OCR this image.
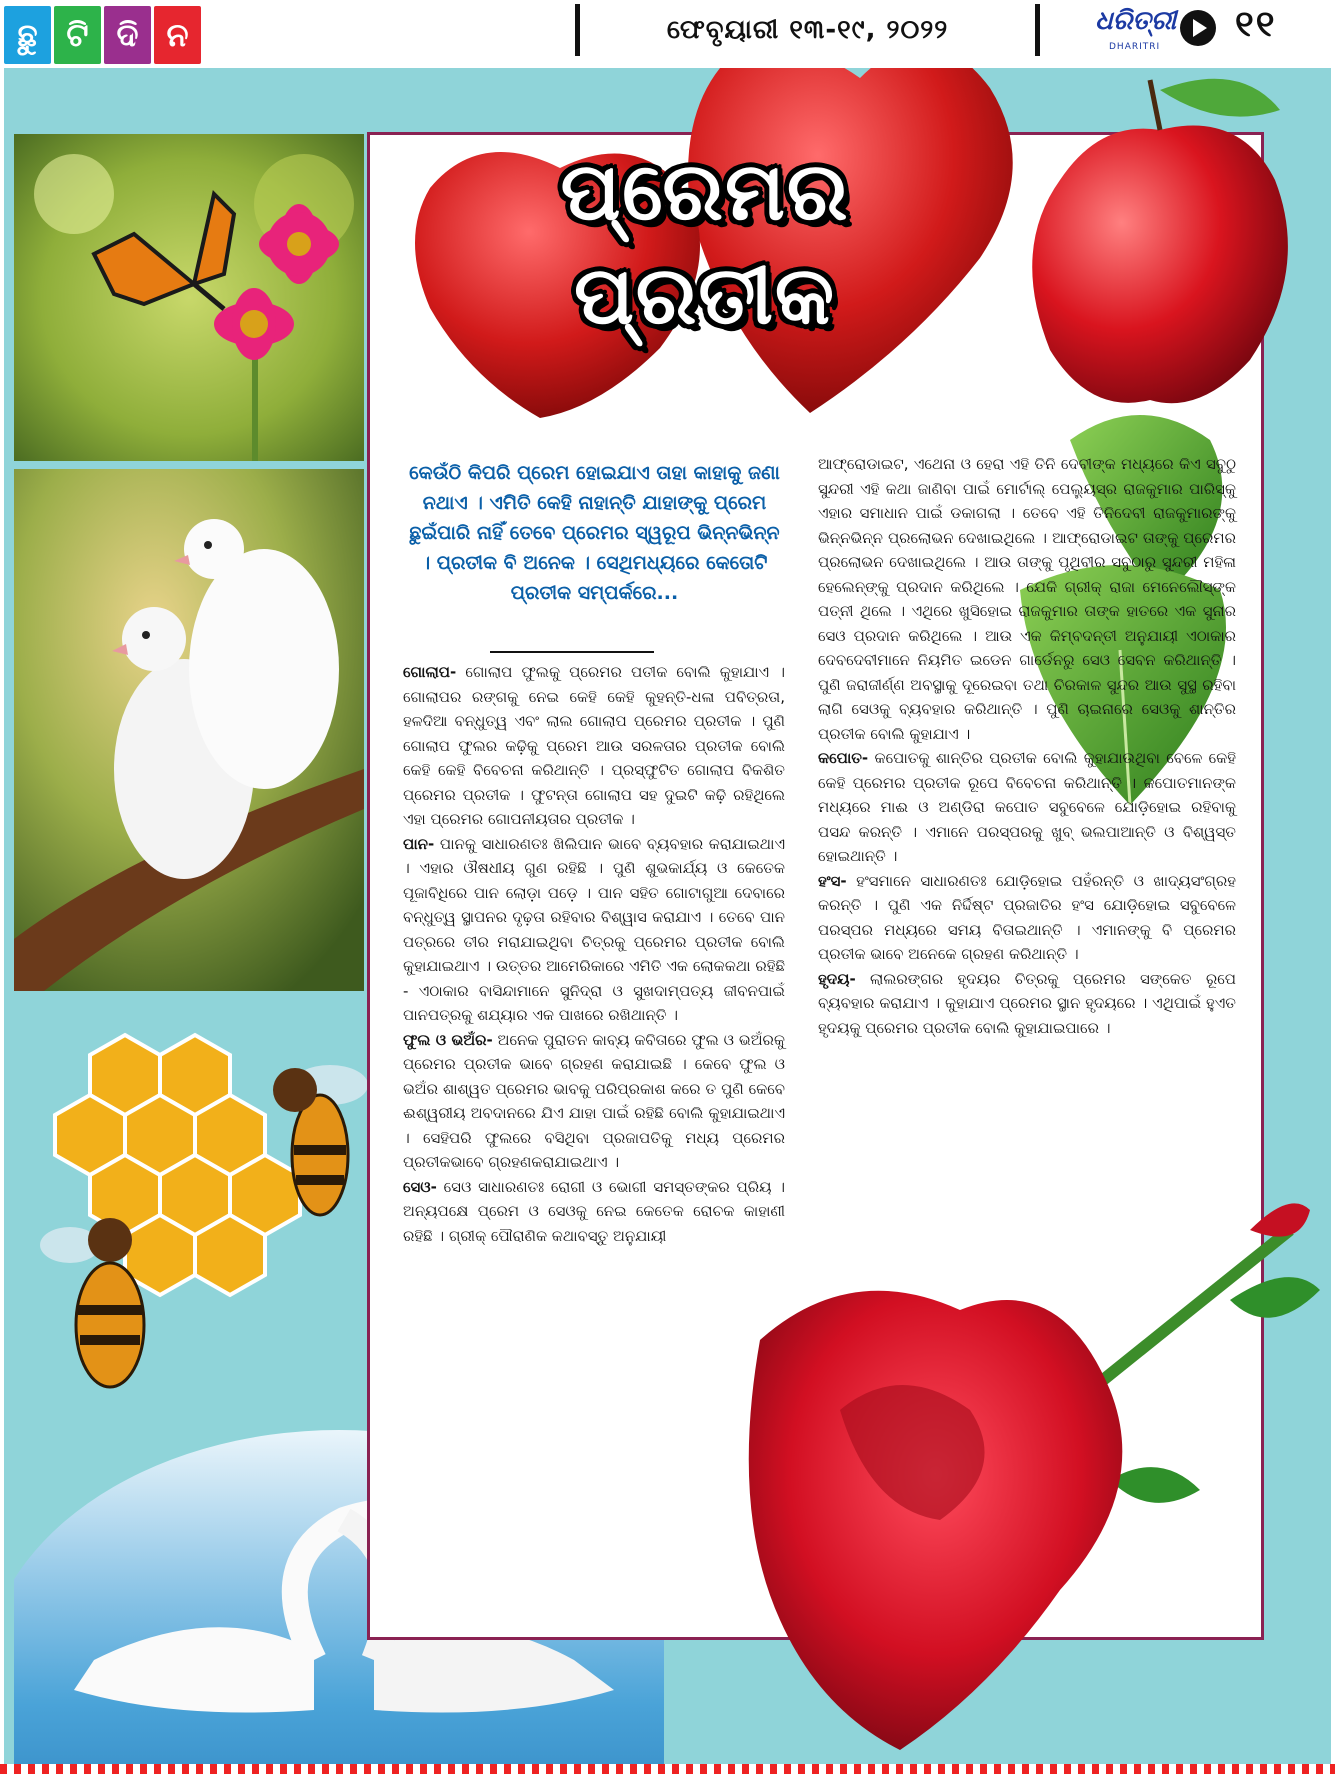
ଛୁ ଟି ଦି ନ	ଫେବୃୟାରୀ ୧୩-୧୯, ୨୦୨୨	ଧରିତ୍ରୀ
DHARITRI
୧୧
ପ୍ରେମର
ପ୍ରତୀକ
କେଉଁଠି କିପରି ପ୍ରେମ ହୋଇଯାଏ ତାହା କାହାକୁ ଜଣା ନଥାଏ । ଏମିତି କେହି ନାହାନ୍ତି ଯାହାଙ୍କୁ ପ୍ରେମ ଛୁଇଁପାରି ନାହିଁ ତେବେ ପ୍ରେମର ସ୍ୱରୂପ ଭିନ୍ନଭିନ୍ନ । ପ୍ରତୀକ ବି ଅନେକ । ସେଥିମଧ୍ୟରେ କେତୋଟି ପ୍ରତୀକ ସମ୍ପର୍କରେ...
ଗୋଲାପ- ଗୋଲାପ ଫୁଲକୁ ପ୍ରେମର ପତୀକ ବୋଲି କୁହାଯାଏ । ଗୋଲାପର ରଙ୍ଗକୁ ନେଇ କେହି କେହି କୁହନ୍ତି-ଧଳା ପବିତ୍ରତା, ହଳଦିଆ ବନ୍ଧୁତ୍ୱ ଏବଂ ଲାଲ ଗୋଲାପ ପ୍ରେମର ପ୍ରତୀକ । ପୁଣି ଗୋଲାପ ଫୁଲର କଢ଼ିକୁ ପ୍ରେମ ଆଉ ସରଳତାର ପ୍ରତୀକ ବୋଲି କେହି କେହି ବିବେଚନା କରିଥାନ୍ତି । ପ୍ରସ୍ଫୁଟିତ ଗୋଲାପ ବିକଶିତ ପ୍ରେମର ପ୍ରତୀକ । ଫୁଟନ୍ତା ଗୋଲାପ ସହ ଦୁଇଟି କଢ଼ି ରହିଥିଲେ ଏହା ପ୍ରେମର ଗୋପନୀୟତାର ପ୍ରତୀକ ।
ପାନ- ପାନକୁ ସାଧାରଣତଃ ଖିଲିପାନ ଭାବେ ବ୍ୟବହାର କରାଯାଇଥାଏ । ଏହାର ଔଷଧୀୟ ଗୁଣ ରହିଛି । ପୁଣି ଶୁଭକାର୍ଯ୍ୟ ଓ କେତେକ ପୂଜାବିଧିରେ ପାନ ଲୋଡ଼ା ପଡ଼େ । ପାନ ସହିତ ଗୋଟାଗୁଆ ଦେବାରେ ବନ୍ଧୁତ୍ୱ ସ୍ଥାପନର ଦୃଢ଼ତା ରହିବାର ବିଶ୍ୱାସ କରାଯାଏ । ତେବେ ପାନ ପତ୍ରରେ ତୀର ମରାଯାଇଥିବା ଚିତ୍ରକୁ ପ୍ରେମର ପ୍ରତୀକ ବୋଲି କୁହାଯାଇଥାଏ । ଉତ୍ତର ଆମେରିକାରେ ଏମିତି ଏକ ଲୋକକଥା ରହିଛି - ଏଠାକାର ବାସିନ୍ଦାମାନେ ସୁନିଦ୍ରା ଓ ସୁଖଦାମ୍ପତ୍ୟ ଜୀବନପାଇଁ ପାନପତ୍ରକୁ ଶଯ୍ୟାର ଏକ ପାଖରେ ରଖିଥାନ୍ତି ।
ଫୁଲ ଓ ଭଅଁର- ଅନେକ ପୁରାତନ କାବ୍ୟ କବିତାରେ ଫୁଲ ଓ ଭଅଁରକୁ ପ୍ରେମର ପ୍ରତୀକ ଭାବେ ଗ୍ରହଣ କରାଯାଇଛି । କେବେ ଫୁଲ ଓ ଭଅଁର ଶାଶ୍ୱତ ପ୍ରେମର ଭାବକୁ ପରିପ୍ରକାଶ କରେ ତ ପୁଣି କେବେ ଈଶ୍ୱରୀୟ ଅବଦାନରେ ଯିଏ ଯାହା ପାଇଁ ରହିଛି ବୋଲି କୁହାଯାଇଥାଏ । ସେହିପରି ଫୁଲରେ ବସିଥିବା ପ୍ରଜାପତିକୁ ମଧ୍ୟ ପ୍ରେମର ପ୍ରତୀକଭାବେ ଗ୍ରହଣକରାଯାଇଥାଏ ।
ସେଓ- ସେଓ ସାଧାରଣତଃ ରୋଗୀ ଓ ଭୋଗୀ ସମସ୍ତଙ୍କର ପ୍ରିୟ । ଅନ୍ୟପକ୍ଷେ ପ୍ରେମ ଓ ସେଓକୁ ନେଇ କେତେକ ରୋଚକ କାହାଣୀ ରହିଛି । ଗ୍ରୀକ୍ ପୌରାଣିକ କଥାବସ୍ତୁ ଅନୁଯାୟୀ
ଆଫ୍ରୋଡାଇଟ, ଏଥେନା ଓ ହେରା ଏହି ତିନି ଦେବୀଙ୍କ ମଧ୍ୟରେ କିଏ ସବୁଠୁ ସୁନ୍ଦରୀ ଏହି କଥା ଜାଣିବା ପାଇଁ ମୋର୍ଟାଲ୍ ପେଲ୍ୟୁସ୍‌ର ରାଜକୁମାର ପାରିସ୍‌କୁ ଏହାର ସମାଧାନ ପାଇଁ ଡକାଗଲା । ତେବେ ଏହି ତିନିଦେବୀ ରାଜକୁମାରଙ୍କୁ ଭିନ୍ନଭିନ୍ନ ପ୍ରଲୋଭନ ଦେଖାଇଥିଲେ । ଆଫ୍ରୋଡାଇଟ ତାଙ୍କୁ ପ୍ରେମର ପ୍ରଲୋଭନ ଦେଖାଇଥିଲେ । ଆଉ ତାଙ୍କୁ ପୃଥିବୀର ସବୁଠାରୁ ସୁନ୍ଦରୀ ମହିଳା ହେଲେନ୍‌ଙ୍କୁ ପ୍ରଦାନ କରିଥିଲେ । ଯେକି ଗ୍ରୀକ୍ ରାଜା ମେନେଲୌସ୍‌ଙ୍କ ପତ୍ନୀ ଥିଲେ । ଏଥିରେ ଖୁସିହୋଇ ରାଜକୁମାର ତାଙ୍କ ହାତରେ ଏକ ସୁନାର ସେଓ ପ୍ରଦାନ କରିଥିଲେ । ଆଉ ଏକ କିମ୍ବଦନ୍ତୀ ଅନୁଯାୟୀ ଏଠାକାର ଦେବଦେବୀମାନେ ନିୟମିତ ଇଡେନ ଗାର୍ଡେନରୁ ସେଓ ସେବନ କରିଥାନ୍ତି । ପୁଣି ଜରାଜୀର୍ଣ୍ଣ ଅବସ୍ଥାକୁ ଦୂରେଇବା ତଥା ଚିରକାଳ ସୁନ୍ଦର ଆଉ ସୁସ୍ଥ ରହିବା ଲାଗି ସେଓକୁ ବ୍ୟବହାର କରିଥାନ୍ତି । ପୁଣି ଚାଇନାରେ ସେଓକୁ ଶାନ୍ତିର ପ୍ରତୀକ ବୋଲି କୁହାଯାଏ ।
କପୋତ- କପୋତକୁ ଶାନ୍ତିର ପ୍ରତୀକ ବୋଲି କୁହାଯାଉଥିବା ବେଳେ କେହି କେହି ପ୍ରେମର ପ୍ରତୀକ ରୂପେ ବିବେଚନା କରିଥାନ୍ତି । କପୋତମାନଙ୍କ ମଧ୍ୟରେ ମାଈ ଓ ଅଣ୍ଡିରା କପୋତ ସବୁବେଳେ ଯୋଡ଼ିହୋଇ ରହିବାକୁ ପସନ୍ଦ କରନ୍ତି । ଏମାନେ ପରସ୍ପରକୁ ଖୁବ୍ ଭଲପାଆନ୍ତି ଓ ବିଶ୍ୱସ୍ତ ହୋଇଥାନ୍ତି ।
ହଂସ- ହଂସମାନେ ସାଧାରଣତଃ ଯୋଡ଼ିହୋଇ ପହଁରନ୍ତି ଓ ଖାଦ୍ୟସଂଗ୍ରହ କରନ୍ତି । ପୁଣି ଏକ ନିର୍ଦ୍ଦିଷ୍ଟ ପ୍ରଜାତିର ହଂସ ଯୋଡ଼ିହୋଇ ସବୁବେଳେ ପରସ୍ପର ମଧ୍ୟରେ ସମୟ ବିତାଇଥାନ୍ତି । ଏମାନଙ୍କୁ ବି ପ୍ରେମର ପ୍ରତୀକ ଭାବେ ଅନେକେ ଗ୍ରହଣ କରିଥାନ୍ତି ।
ହୃଦୟ- ଲାଲରଙ୍ଗର ହୃଦୟର ଚିତ୍ରକୁ ପ୍ରେମର ସଙ୍କେତ ରୂପେ ବ୍ୟବହାର କରାଯାଏ । କୁହାଯାଏ ପ୍ରେମର ସ୍ଥାନ ହୃଦୟରେ । ଏଥିପାଇଁ ହୁଏତ ହୃଦୟକୁ ପ୍ରେମର ପ୍ରତୀକ ବୋଲି କୁହାଯାଇପାରେ ।
